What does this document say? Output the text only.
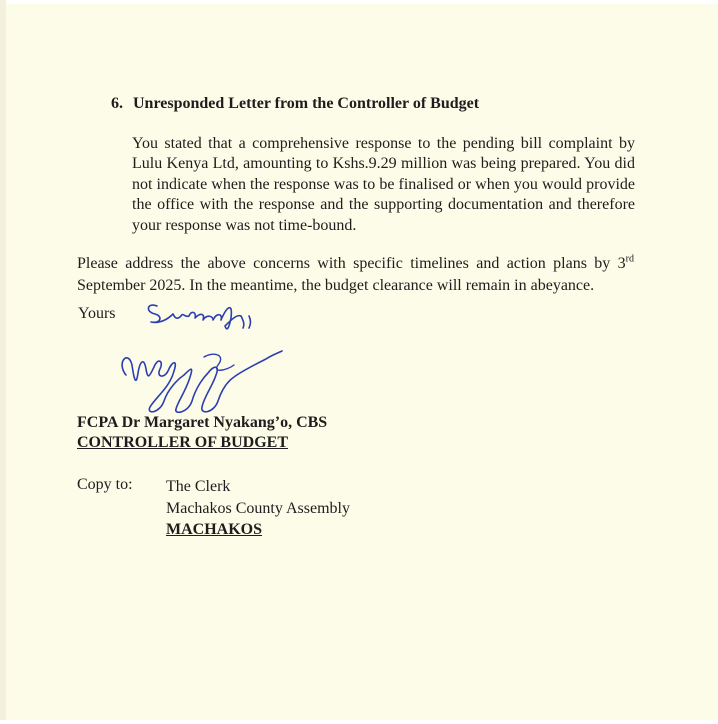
6. Unresponded Letter from the Controller of Budget
You stated that a comprehensive response to the pending bill complaint by Lulu Kenya Ltd, amounting to Kshs.9.29 million was being prepared. You did not indicate when the response was to be finalised or when you would provide the office with the response and the supporting documentation and therefore your response was not time-bound.
Please address the above concerns with specific timelines and action plans by 3rd September 2025. In the meantime, the budget clearance will remain in abeyance.
Yours
FCPA Dr Margaret Nyakang’o, CBS
CONTROLLER OF BUDGET
Copy to: The Clerk
Machakos County Assembly
MACHAKOS
